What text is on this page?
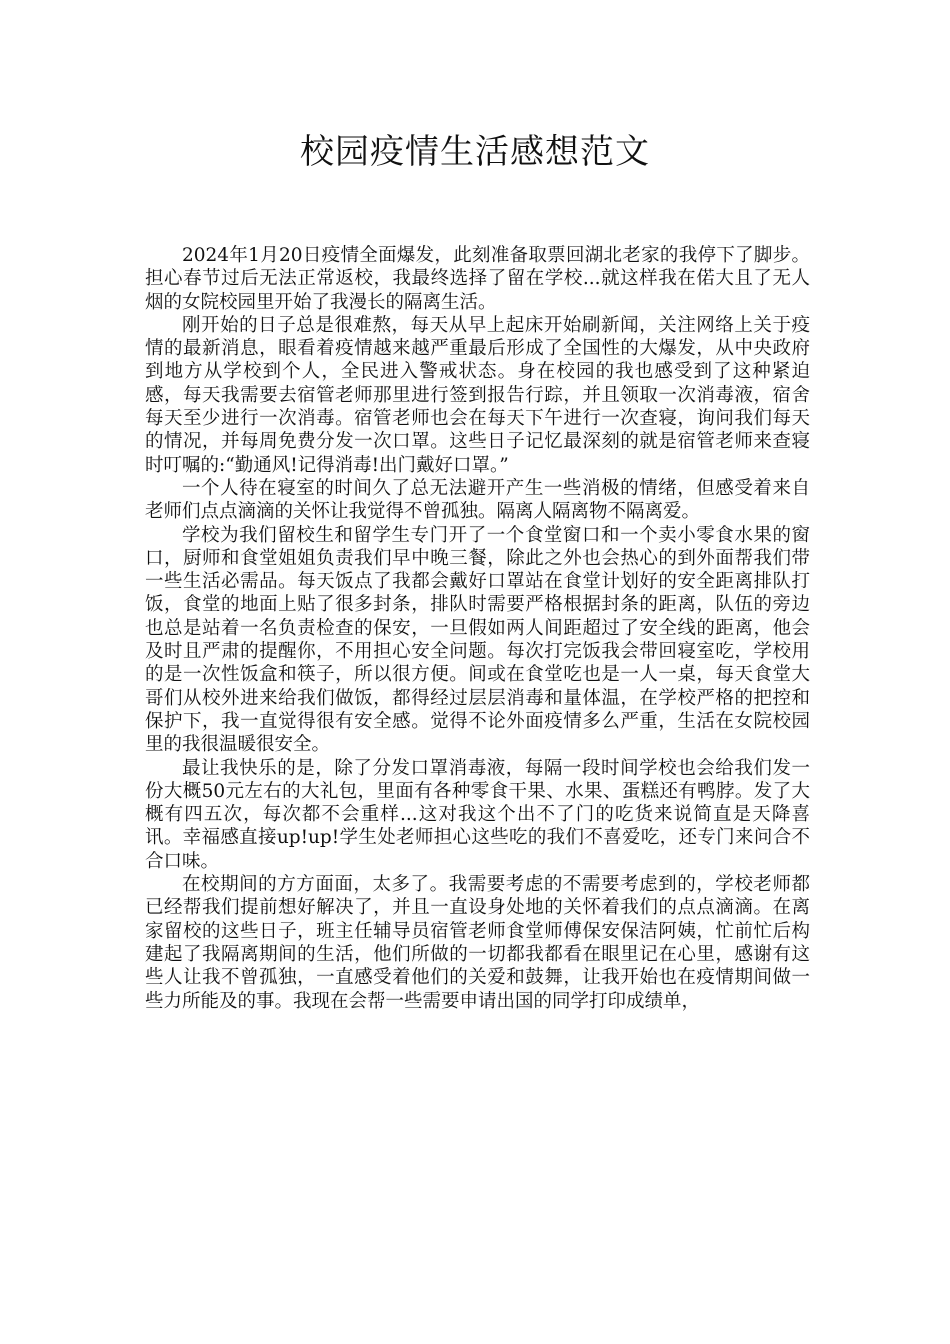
校园疫情生活感想范文

2024年1月20日疫情全面爆发，此刻准备取票回湖北老家的我停下了脚步。担心春节过后无法正常返校，我最终选择了留在学校...就这样我在偌大且了无人烟的女院校园里开始了我漫长的隔离生活。

刚开始的日子总是很难熬，每天从早上起床开始刷新闻，关注网络上关于疫情的最新消息，眼看着疫情越来越严重最后形成了全国性的大爆发，从中央政府到地方从学校到个人，全民进入警戒状态。身在校园的我也感受到了这种紧迫感，每天我需要去宿管老师那里进行签到报告行踪，并且领取一次消毒液，宿舍每天至少进行一次消毒。宿管老师也会在每天下午进行一次查寝，询问我们每天的情况，并每周免费分发一次口罩。这些日子记忆最深刻的就是宿管老师来查寝时叮嘱的:“勤通风!记得消毒!出门戴好口罩。”

一个人待在寝室的时间久了总无法避开产生一些消极的情绪，但感受着来自老师们点点滴滴的关怀让我觉得不曾孤独。隔离人隔离物不隔离爱。

学校为我们留校生和留学生专门开了一个食堂窗口和一个卖小零食水果的窗口，厨师和食堂姐姐负责我们早中晚三餐，除此之外也会热心的到外面帮我们带一些生活必需品。每天饭点了我都会戴好口罩站在食堂计划好的安全距离排队打饭，食堂的地面上贴了很多封条，排队时需要严格根据封条的距离，队伍的旁边也总是站着一名负责检查的保安，一旦假如两人间距超过了安全线的距离，他会及时且严肃的提醒你，不用担心安全问题。每次打完饭我会带回寝室吃，学校用的是一次性饭盒和筷子，所以很方便。间或在食堂吃也是一人一桌，每天食堂大哥们从校外进来给我们做饭，都得经过层层消毒和量体温，在学校严格的把控和保护下，我一直觉得很有安全感。觉得不论外面疫情多么严重，生活在女院校园里的我很温暖很安全。

最让我快乐的是，除了分发口罩消毒液，每隔一段时间学校也会给我们发一份大概50元左右的大礼包，里面有各种零食干果、水果、蛋糕还有鸭脖。发了大概有四五次，每次都不会重样...这对我这个出不了门的吃货来说简直是天降喜讯。幸福感直接up!up!学生处老师担心这些吃的我们不喜爱吃，还专门来问合不合口味。

在校期间的方方面面，太多了。我需要考虑的不需要考虑到的，学校老师都已经帮我们提前想好解决了，并且一直设身处地的关怀着我们的点点滴滴。在离家留校的这些日子，班主任辅导员宿管老师食堂师傅保安保洁阿姨，忙前忙后构建起了我隔离期间的生活，他们所做的一切都我都看在眼里记在心里，感谢有这些人让我不曾孤独，一直感受着他们的关爱和鼓舞，让我开始也在疫情期间做一些力所能及的事。我现在会帮一些需要申请出国的同学打印成绩单，
